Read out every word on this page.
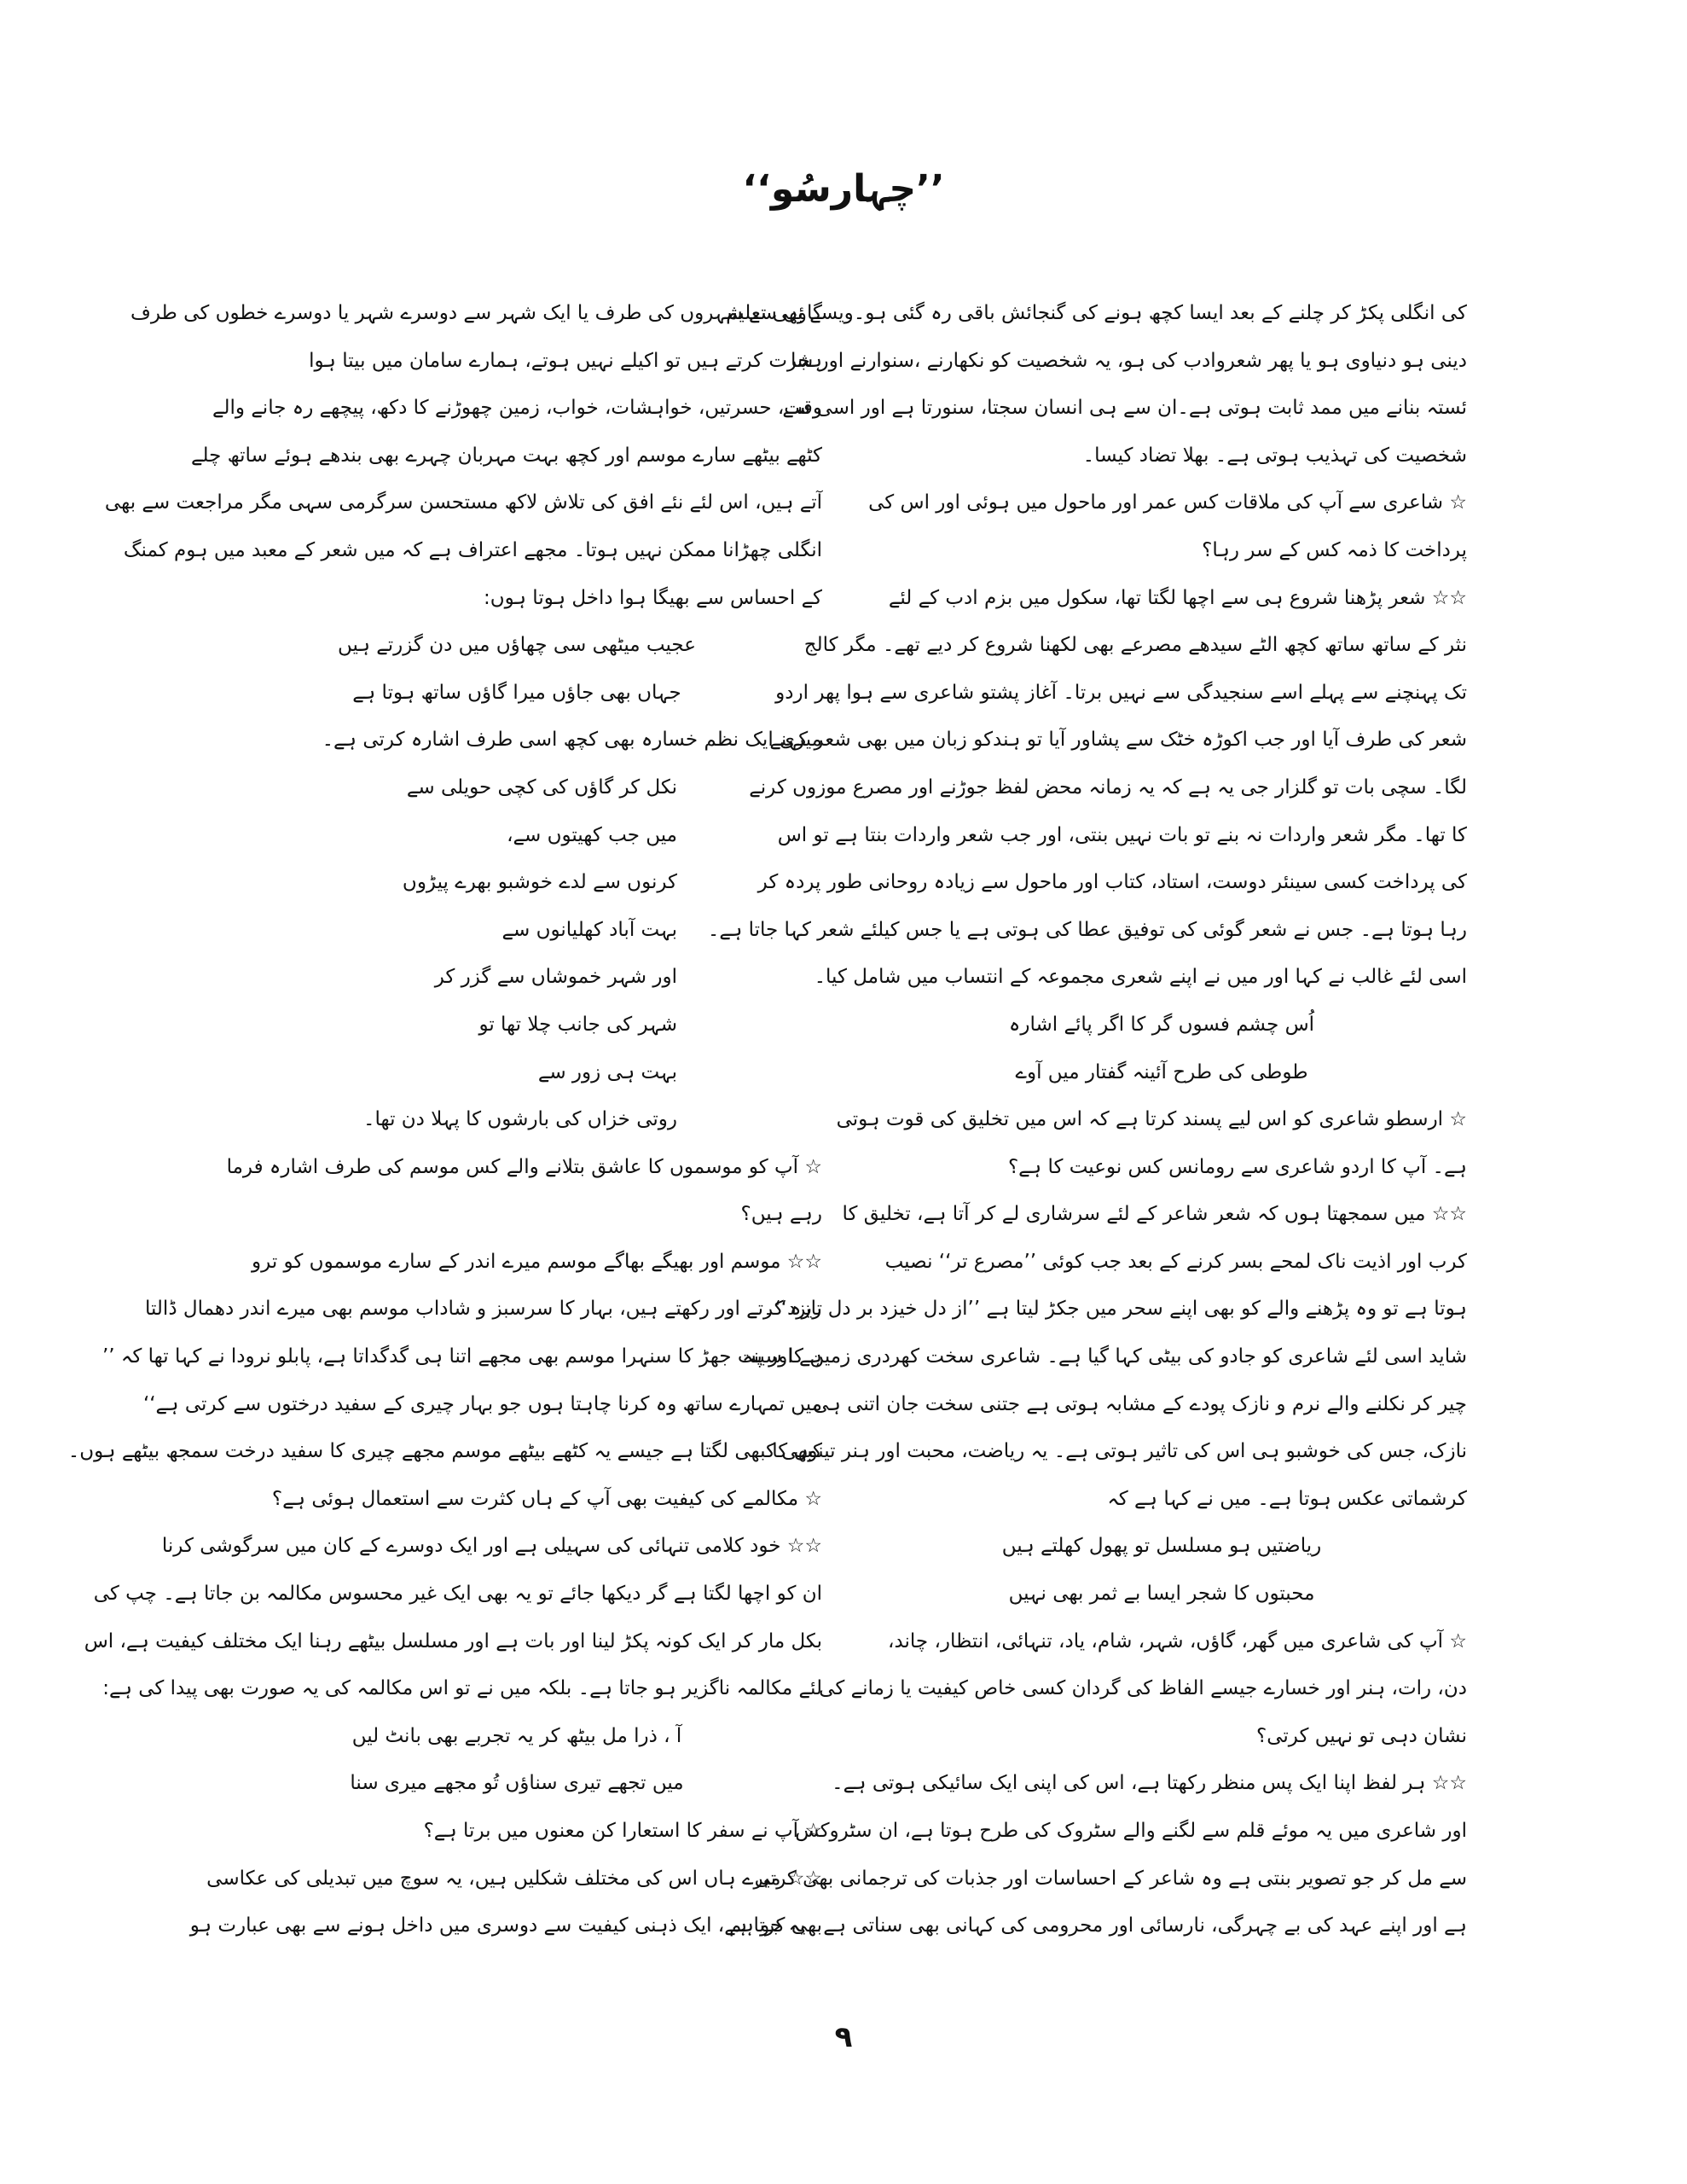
’’چہارسُو‘‘
کی انگلی پکڑ کر چلنے کے بعد ایسا کچھ ہونے کی گنجائش باقی رہ گئی ہو۔ویسے بھی تعلیم
دینی ہو دنیاوی ہو یا پھر شعروادب کی ہو، یہ شخصیت کو نکھارنے ،سنوارنے اور شا
ئستہ بنانے میں ممد ثابت ہوتی ہے۔ان سے ہی انسان سجتا، سنورتا ہے اور اسی سے
شخصیت کی تہذیب ہوتی ہے۔ بھلا تضاد کیسا۔
☆ شاعری سے آپ کی ملاقات کس عمر اور ماحول میں ہوئی اور اس کی
پرداخت کا ذمہ کس کے سر رہا؟
☆☆ شعر پڑھنا شروع ہی سے اچھا لگتا تھا، سکول میں بزم ادب کے لئے
نثر کے ساتھ ساتھ کچھ الٹے سیدھے مصرعے بھی لکھنا شروع کر دیے تھے۔ مگر کالج
تک پہنچنے سے پہلے اسے سنجیدگی سے نہیں برتا۔ آغاز پشتو شاعری سے ہوا پھر اردو
شعر کی طرف آیا اور جب اکوڑہ خٹک سے پشاور آیا تو ہندکو زبان میں بھی شعر کہنے
لگا۔ سچی بات تو گلزار جی یہ ہے کہ یہ زمانہ محض لفظ جوڑنے اور مصرع موزوں کرنے
کا تھا۔ مگر شعر واردات نہ بنے تو بات نہیں بنتی، اور جب شعر واردات بنتا ہے تو اس
کی پرداخت کسی سینئر دوست، استاد، کتاب اور ماحول سے زیادہ روحانی طور پردہ کر
رہا ہوتا ہے۔ جس نے شعر گوئی کی توفیق عطا کی ہوتی ہے یا جس کیلئے شعر کہا جاتا ہے۔
اسی لئے غالب نے کہا اور میں نے اپنے شعری مجموعہ کے انتساب میں شامل کیا۔
اُس چشم فسوں گر کا اگر پائے اشارہ
طوطی کی طرح آئینہ گفتار میں آوے
☆ ارسطو شاعری کو اس لیے پسند کرتا ہے کہ اس میں تخلیق کی قوت ہوتی
ہے۔ آپ کا اردو شاعری سے رومانس کس نوعیت کا ہے؟
☆☆ میں سمجھتا ہوں کہ شعر شاعر کے لئے سرشاری لے کر آتا ہے، تخلیق کا
کرب اور اذیت ناک لمحے بسر کرنے کے بعد جب کوئی ’’مصرع تر‘‘ نصیب
ہوتا ہے تو وہ پڑھنے والے کو بھی اپنے سحر میں جکڑ لیتا ہے ’’از دل خیزد بر دل ریزد‘‘۔
شاید اسی لئے شاعری کو جادو کی بیٹی کہا گیا ہے۔ شاعری سخت کھردری زمین کا سینہ
چیر کر نکلنے والے نرم و نازک پودے کے مشابہ ہوتی ہے جتنی سخت جان اتنی ہی
نازک، جس کی خوشبو ہی اس کی تاثیر ہوتی ہے۔ یہ ریاضت، محبت اور ہنر تینوں کا
کرشماتی عکس ہوتا ہے۔ میں نے کہا ہے کہ
ریاضتیں ہو مسلسل تو پھول کھلتے ہیں
محبتوں کا شجر ایسا بے ثمر بھی نہیں
☆ آپ کی شاعری میں گھر، گاؤں، شہر، شام، یاد، تنہائی، انتظار، چاند،
دن، رات، ہنر اور خسارے جیسے الفاظ کی گردان کسی خاص کیفیت یا زمانے کی
نشان دہی تو نہیں کرتی؟
☆☆ ہر لفظ اپنا ایک پس منظر رکھتا ہے، اس کی اپنی ایک سائیکی ہوتی ہے۔
اور شاعری میں یہ موئے قلم سے لگنے والے سٹروک کی طرح ہوتا ہے، ان سٹروکس
سے مل کر جو تصویر بنتی ہے وہ شاعر کے احساسات اور جذبات کی ترجمانی بھی کرتی
ہے اور اپنے عہد کی بے چہرگی، نارسائی اور محرومی کی کہانی بھی سناتی ہے۔ یہ جو ہم
گاؤں سے شہروں کی طرف یا ایک شہر سے دوسرے شہر یا دوسرے خطوں کی طرف
ہجرت کرتے ہیں تو اکیلے نہیں ہوتے، ہمارے سامان میں بیتا ہوا
وقت، حسرتیں، خواہشات، خواب، زمین چھوڑنے کا دکھ، پیچھے رہ جانے والے
کٹھے بیٹھے سارے موسم اور کچھ بہت مہربان چہرے بھی بندھے ہوئے ساتھ چلے
آتے ہیں، اس لئے نئے افق کی تلاش لاکھ مستحسن سرگرمی سہی مگر مراجعت سے بھی
انگلی چھڑانا ممکن نہیں ہوتا۔ مجھے اعتراف ہے کہ میں شعر کے معبد میں ہوم کمنگ
کے احساس سے بھیگا ہوا داخل ہوتا ہوں:
عجیب میٹھی سی چھاؤں میں دن گزرتے ہیں
جہاں بھی جاؤں میرا گاؤں ساتھ ہوتا ہے
میری ایک نظم خسارہ بھی کچھ اسی طرف اشارہ کرتی ہے۔
نکل کر گاؤں کی کچی حویلی سے
میں جب کھیتوں سے،
کرنوں سے لدے خوشبو بھرے پیڑوں
بہت آباد کھلیانوں سے
اور شہر خموشاں سے گزر کر
شہر کی جانب چلا تھا تو
بہت ہی زور سے
روتی خزاں کی بارشوں کا پہلا دن تھا۔
☆ آپ کو موسموں کا عاشق بتلانے والے کس موسم کی طرف اشارہ فرما
رہے ہیں؟
☆☆ موسم اور بھیگے بھاگے موسم میرے اندر کے سارے موسموں کو ترو
تازہ کرتے اور رکھتے ہیں، بہار کا سرسبز و شاداب موسم بھی میرے اندر دھمال ڈالتا
ہے اور پت جھڑ کا سنہرا موسم بھی مجھے اتنا ہی گدگداتا ہے، پابلو نرودا نے کہا تھا کہ ’’
میں تمہارے ساتھ وہ کرنا چاہتا ہوں جو بہار چیری کے سفید درختوں سے کرتی ہے‘‘
کبھی کبھی لگتا ہے جیسے یہ کٹھے بیٹھے موسم مجھے چیری کا سفید درخت سمجھ بیٹھے ہوں۔
☆ مکالمے کی کیفیت بھی آپ کے ہاں کثرت سے استعمال ہوئی ہے؟
☆☆ خود کلامی تنہائی کی سہیلی ہے اور ایک دوسرے کے کان میں سرگوشی کرنا
ان کو اچھا لگتا ہے گر دیکھا جائے تو یہ بھی ایک غیر محسوس مکالمہ بن جاتا ہے۔ چپ کی
بکل مار کر ایک کونہ پکڑ لینا اور بات ہے اور مسلسل بیٹھے رہنا ایک مختلف کیفیت ہے، اس
لئے مکالمہ ناگزیر ہو جاتا ہے۔ بلکہ میں نے تو اس مکالمہ کی یہ صورت بھی پیدا کی ہے:
آ ، ذرا مل بیٹھ کر یہ تجربے بھی بانٹ لیں
میں تجھے تیری سناؤں تُو مجھے میری سنا
☆ آپ نے سفر کا استعارا کن معنوں میں برتا ہے؟
☆☆ میرے ہاں اس کی مختلف شکلیں ہیں، یہ سوچ میں تبدیلی کی عکاسی
بھی کرتا ہے، ایک ذہنی کیفیت سے دوسری میں داخل ہونے سے بھی عبارت ہو
۹
